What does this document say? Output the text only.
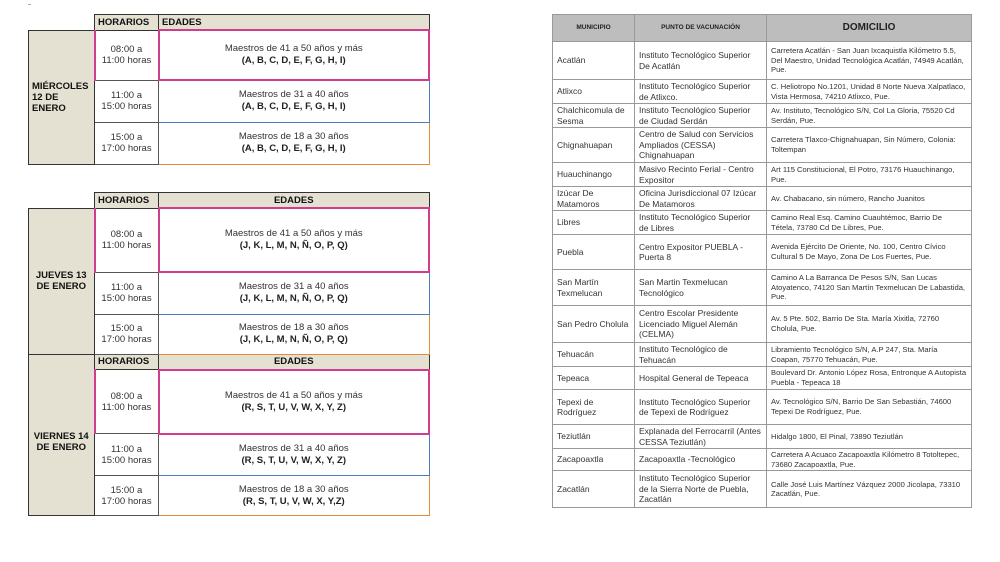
	HORARIOS	EDADES
MIÉRCOLES 12 DE ENERO	08:00 a 11:00 horas	Maestros de 41 a 50 años y más
(A, B, C, D, E, F, G, H, I)

	11:00 a 15:00 horas	Maestros de 31 a 40 años
(A, B, C, D, E, F, G, H, I)

	15:00 a 17:00 horas	Maestros de 18 a 30 años
(A, B, C, D, E, F, G, H, I)
	HORARIOS	EDADES
JUEVES 13 DE ENERO	08:00 a 11:00 horas	Maestros de 41 a 50 años y más
(J, K, L, M, N, Ñ, O, P, Q)

	11:00 a 15:00 horas	Maestros de 31 a 40 años
(J, K, L, M, N, Ñ, O, P, Q)

	15:00 a 17:00 horas	Maestros de 18 a 30 años
(J, K, L, M, N, Ñ, O, P, Q)

	HORARIOS	EDADES
VIERNES 14 DE ENERO	08:00 a 11:00 horas	Maestros de 41 a 50 años y más
(R, S, T, U, V, W, X, Y, Z)

	11:00 a 15:00 horas	Maestros de 31 a 40 años
(R, S, T, U, V, W, X, Y, Z)

	15:00 a 17:00 horas	Maestros de 18 a 30 años
(R, S, T, U, V, W, X, Y,Z)
MUNICIPIO	PUNTO DE VACUNACIÓN	DOMICILIO
Acatlán	Instituto Tecnológico Superior De Acatlán	Carretera Acatlán - San Juan Ixcaquistla Kilómetro 5.5, Del Maestro, Unidad Tecnológica Acatlán, 74949 Acatlán, Pue.
Atlixco	Instituto Tecnológico Superior de Atlixco.	C. Heliotropo No.1201, Unidad 8 Norte Nueva Xalpatlaco, Vista Hermosa, 74210 Atlixco, Pue.
Chalchicomula de Sesma	Instituto Tecnológico Superior de Ciudad Serdán	Av. Instituto, Tecnológico S/N, Col La Gloria, 75520 Cd Serdán, Pue.
Chignahuapan	Centro de Salud con Servicios Ampliados (CESSA) Chignahuapan	Carretera Tlaxco-Chignahuapan, Sin Número, Colonia: Toltempan
Huauchinango	Masivo Recinto Ferial - Centro Expositor	Art 115 Constitucional, El Potro, 73176 Huauchinango, Pue.
Izúcar De Matamoros	Oficina Jurisdiccional 07 Izúcar De Matamoros	Av. Chabacano, sin número, Rancho Juanitos
Libres	Instituto Tecnológico Superior de Libres	Camino Real Esq. Camino Cuauhtémoc, Barrio De Tétela, 73780 Cd De Libres, Pue.
Puebla	Centro Expositor PUEBLA - Puerta 8	Avenida Ejército De Oriente, No. 100, Centro Cívico Cultural 5 De Mayo, Zona De Los Fuertes, Pue.
San Martín Texmelucan	San Martin Texmelucan Tecnológico	Camino A La Barranca De Pesos S/N, San Lucas Atoyatenco, 74120 San Martín Texmelucan De Labastida, Pue.
San Pedro Cholula	Centro Escolar Presidente Licenciado Miguel Alemán (CELMA)	Av. 5 Pte. 502, Barrio De Sta. María Xixitla, 72760 Cholula, Pue.
Tehuacán	Instituto Tecnológico de Tehuacán	Libramiento Tecnológico S/N, A.P 247, Sta. María Coapan, 75770 Tehuacán, Pue.
Tepeaca	Hospital General de Tepeaca	Boulevard Dr. Antonio López Rosa, Entronque A Autopista Puebla - Tepeaca 18
Tepexi de Rodríguez	Instituto Tecnológico Superior de Tepexi de Rodríguez	Av. Tecnológico S/N, Barrio De San Sebastián, 74600 Tepexi De Rodríguez, Pue.
Teziutlán	Explanada del Ferrocarril (Antes CESSA Teziutlán)	Hidalgo 1800, El Pinal, 73890 Teziutlán
Zacapoaxtla	Zacapoaxtla -Tecnológico	Carretera A Acuaco Zacapoaxtla Kilómetro 8 Totoltepec, 73680 Zacapoaxtla, Pue.
Zacatlán	Instituto Tecnológico Superior de la Sierra Norte de Puebla, Zacatlán	Calle José Luis Martínez Vázquez 2000 Jicolapa, 73310 Zacatlán, Pue.
